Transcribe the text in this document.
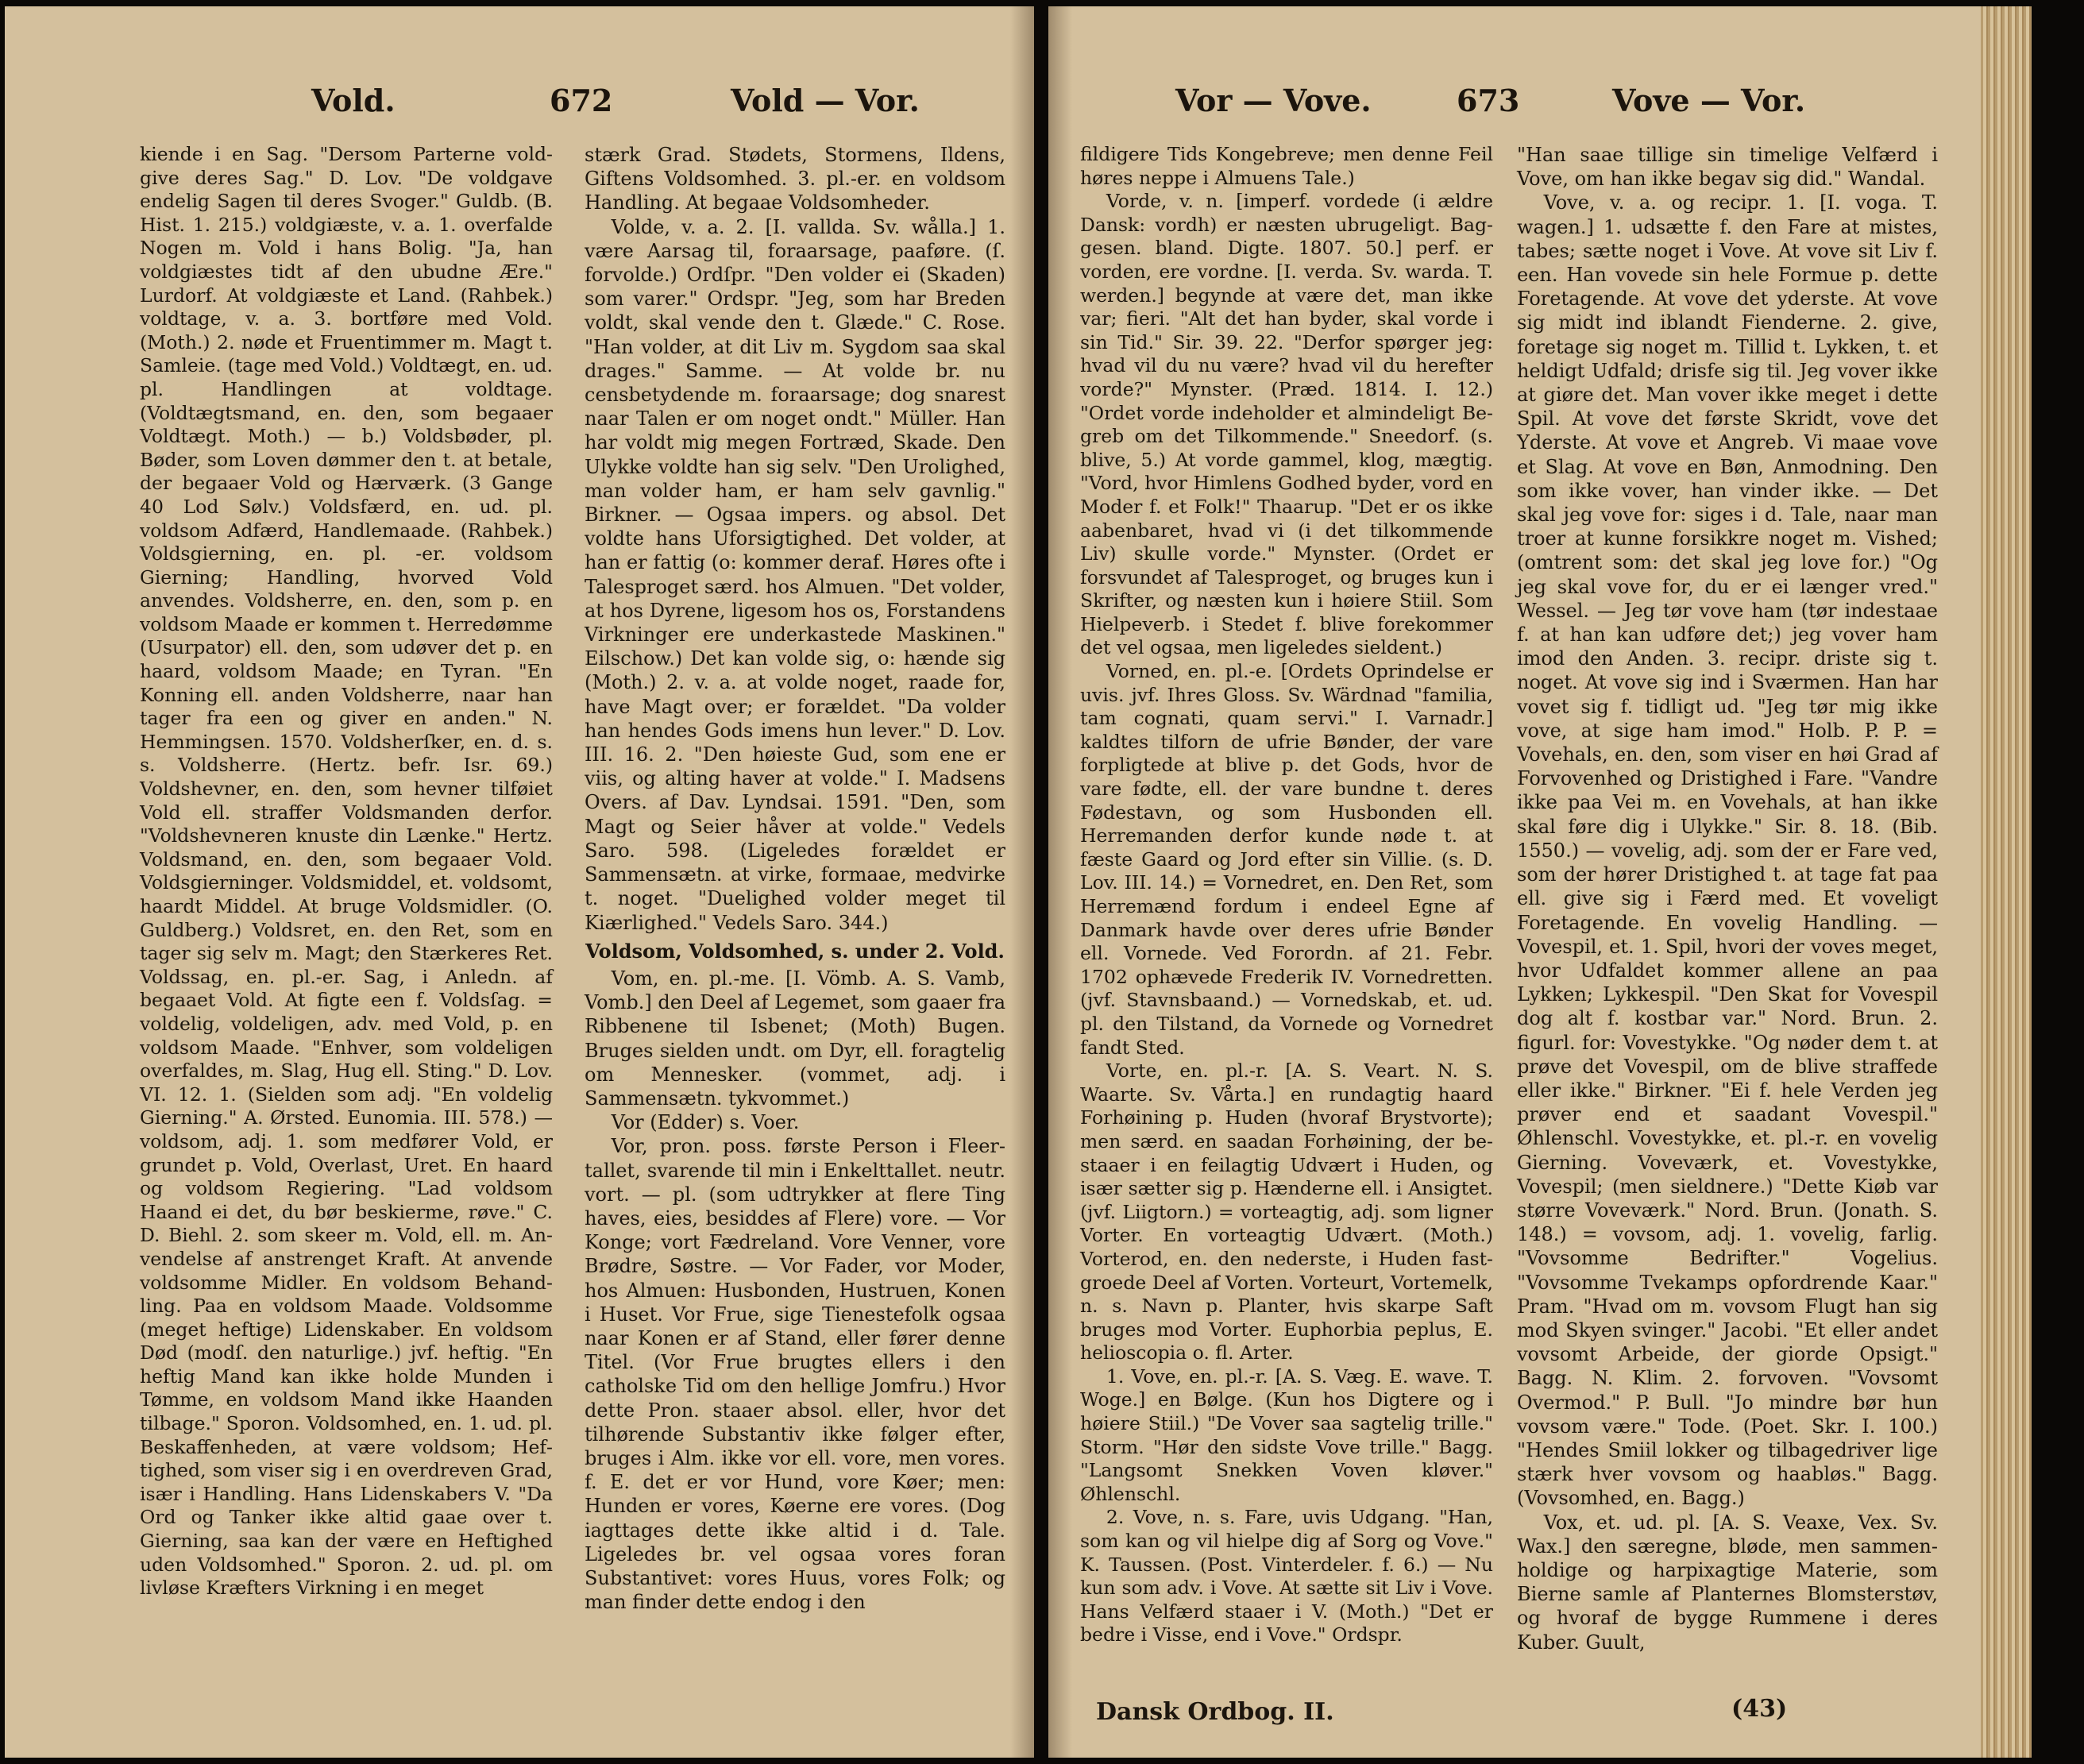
Vold.	672	Vold — Vor.

kiende i en Sag. "Dersom Parterne voldgive deres Sag." D. Lov. "De voldgave endelig Sagen til deres Svoger." Guldb. (B. Hist. 1. 215.) voldgiæste, v. a. 1. overfalde Nogen m. Vold i hans Bolig. "Ja, han voldgiæstes tidt af den ubudne Ære." Lurdorf. At voldgiæste et Land. (Rahbek.) voldtage, v. a. 3. bortføre med Vold. (Moth.) 2. nøde et Fruentimmer m. Magt t. Samleie. (tage med Vold.) Voldtægt, en. ud. pl. Handlingen at voldtage. (Voldtægtsmand, en. den, som begaaer Voldtægt. Moth.) — b.) Voldsbøder, pl. Bøder, som Loven dømmer den t. at betale, der begaaer Vold og Hærværk. (3 Gange 40 Lod Sølv.) Voldsfærd, en. ud. pl. voldsom Adfærd, Handlemaade. (Rahbek.) Voldsgierning, en. pl. -er. voldsom Gierning; Handling, hvorved Vold anvendes. Voldsherre, en. den, som p. en voldsom Maade er kommen t. Herredømme (Usurpator) ell. den, som udøver det p. en haard, voldsom Maade; en Tyran. "En Konning ell. anden Voldsherre, naar han tager fra een og giver en anden." N. Hemmingsen. 1570. Voldsherſker, en. d. s. s. Voldsherre. (Hertz. befr. Isr. 69.) Voldshevner, en. den, som hevner tilføiet Vold ell. straffer Voldsmanden derfor. "Voldshevneren knuste din Lænke." Hertz. Voldsmand, en. den, som begaaer Vold. Voldsgierninger. Voldsmiddel, et. voldsomt, haardt Middel. At bruge Voldsmidler. (O. Guldberg.) Voldsret, en. den Ret, som en tager sig selv m. Magt; den Stærkeres Ret. Voldssag, en. pl.-er. Sag, i Anledn. af begaaet Vold. At figte een f. Voldsſag. = voldelig, voldeligen, adv. med Vold, p. en voldsom Maade. "Enhver, som voldeligen overfaldes, m. Slag, Hug ell. Sting." D. Lov. VI. 12. 1. (Sielden som adj. "En voldelig Gierning." A. Ørsted. Eunomia. III. 578.) — voldsom, adj. 1. som medfører Vold, er grundet p. Vold, Overlast, Uret. En haard og voldsom Regiering. "Lad voldsom Haand ei det, du bør beskierme, røve." C. D. Biehl. 2. som skeer m. Vold, ell. m. Anvendelse af anstrenget Kraft. At anvende voldsomme Midler. En voldsom Behandling. Paa en voldsom Maade. Voldsomme (meget heftige) Lidenskaber. En voldsom Død (modſ. den naturlige.) jvf. heftig. "En heftig Mand kan ikke holde Munden i Tømme, en voldsom Mand ikke Haanden tilbage." Sporon. Voldsomhed, en. 1. ud. pl. Beskaffenheden, at være voldsom; Heftighed, som viser sig i en overdreven Grad, især i Handling. Hans Lidenskabers V. "Da Ord og Tanker ikke altid gaae over t. Gierning, saa kan der være en Heftighed uden Voldsomhed." Sporon. 2. ud. pl. om livløse Kræfters Virkning i en meget

stærk Grad. Stødets, Stormens, Ildens, Giftens Voldsomhed. 3. pl.-er. en voldsom Handling. At begaae Voldsomheder.

Volde, v. a. 2. [I. vallda. Sv. wålla.] 1. være Aarsag til, foraarsage, paaføre. (ſ. forvolde.) Ordſpr. "Den volder ei (Skaden) som varer." Ordspr. "Jeg, som har Breden voldt, skal vende den t. Glæde." C. Rose. "Han volder, at dit Liv m. Sygdom saa skal drages." Samme. — At volde br. nu censbetydende m. foraarsage; dog snarest naar Talen er om noget ondt." Müller. Han har voldt mig megen Fortræd, Skade. Den Ulykke voldte han sig selv. "Den Urolighed, man volder ham, er ham selv gavnlig." Birkner. — Ogsaa impers. og absol. Det voldte hans Uforsigtighed. Det volder, at han er fattig (o: kommer deraf. Høres ofte i Talesproget særd. hos Almuen. "Det volder, at hos Dyrene, ligesom hos os, Forstandens Virkninger ere underkastede Maskinen." Eilschow.) Det kan volde sig, o: hænde sig (Moth.) 2. v. a. at volde noget, raade for, have Magt over; er forældet. "Da volder han hendes Gods imens hun lever." D. Lov. III. 16. 2. "Den høieste Gud, som ene er viis, og alting haver at volde." I. Madsens Overs. af Dav. Lyndsai. 1591. "Den, som Magt og Seier håver at volde." Vedels Saro. 598. (Ligeledes forældet er Sammensætn. at virke, formaae, medvirke t. noget. "Duelighed volder meget til Kiærlighed." Vedels Saro. 344.)

Voldsom, Voldsomhed, s. under 2. Vold.

Vom, en. pl.-me. [I. Vömb. A. S. Vamb, Vomb.] den Deel af Legemet, som gaaer fra Ribbenene til Isbenet; (Moth) Bugen. Bruges sielden undt. om Dyr, ell. foragtelig om Mennesker. (vommet, adj. i Sammensætn. tykvommet.)

Vor (Edder) s. Voer.

Vor, pron. poss. første Person i Fleertallet, svarende til min i Enkelttallet. neutr. vort. — pl. (som udtrykker at flere Ting haves, eies, besiddes af Flere) vore. — Vor Konge; vort Fædreland. Vore Venner, vore Brødre, Søstre. — Vor Fader, vor Moder, hos Almuen: Husbonden, Hustruen, Konen i Huset. Vor Frue, sige Tienestefolk ogsaa naar Konen er af Stand, eller fører denne Titel. (Vor Frue brugtes ellers i den catholske Tid om den hellige Jomfru.) Hvor dette Pron. staaer absol. eller, hvor det tilhørende Substantiv ikke følger efter, bruges i Alm. ikke vor ell. vore, men vores. f. E. det er vor Hund, vore Køer; men: Hunden er vores, Køerne ere vores. (Dog iagttages dette ikke altid i d. Tale. Ligeledes br. vel ogsaa vores foran Substantivet: vores Huus, vores Folk; og man finder dette endog i den

Vor — Vove.	673	Vove — Vor.

fildigere Tids Kongebreve; men denne Feil høres neppe i Almuens Tale.)

Vorde, v. n. [imperf. vordede (i ældre Dansk: vordh) er næsten ubrugeligt. Baggesen. bland. Digte. 1807. 50.] perf. er vorden, ere vordne. [I. verda. Sv. warda. T. werden.] begynde at være det, man ikke var; fieri. "Alt det han byder, skal vorde i sin Tid." Sir. 39. 22. "Derfor spørger jeg: hvad vil du nu være? hvad vil du herefter vorde?" Mynster. (Præd. 1814. I. 12.) "Ordet vorde indeholder et almindeligt Begreb om det Tilkommende." Sneedorf. (s. blive, 5.) At vorde gammel, klog, mægtig. "Vord, hvor Himlens Godhed byder, vord en Moder f. et Folk!" Thaarup. "Det er os ikke aabenbaret, hvad vi (i det tilkommende Liv) skulle vorde." Mynster. (Ordet er forsvundet af Talesproget, og bruges kun i Skrifter, og næsten kun i høiere Stiil. Som Hielpeverb. i Stedet f. blive forekommer det vel ogsaa, men ligeledes sieldent.)

Vorned, en. pl.-e. [Ordets Oprindelse er uvis. jvf. Ihres Gloss. Sv. Wärdnad "familia, tam cognati, quam servi." I. Varnadr.] kaldtes tilforn de ufrie Bønder, der vare forpligtede at blive p. det Gods, hvor de vare fødte, ell. der vare bundne t. deres Fødestavn, og som Husbonden ell. Herremanden derfor kunde nøde t. at fæste Gaard og Jord efter sin Villie. (s. D. Lov. III. 14.) = Vornedret, en. Den Ret, som Herremænd fordum i endeel Egne af Danmark havde over deres ufrie Bønder ell. Vornede. Ved Forordn. af 21. Febr. 1702 ophævede Frederik IV. Vornedretten. (jvf. Stavnsbaand.) — Vornedskab, et. ud. pl. den Tilstand, da Vornede og Vornedret fandt Sted.

Vorte, en. pl.-r. [A. S. Veart. N. S. Waarte. Sv. Vårta.] en rundagtig haard Forhøining p. Huden (hvoraf Brystvorte); men særd. en saadan Forhøining, der bestaaer i en feilagtig Udvært i Huden, og især sætter sig p. Hænderne ell. i Ansigtet. (jvf. Liigtorn.) = vorteagtig, adj. som ligner Vorter. En vorteagtig Udvært. (Moth.) Vorterod, en. den nederste, i Huden fastgroede Deel af Vorten. Vorteurt, Vortemelk, n. s. Navn p. Planter, hvis skarpe Saft bruges mod Vorter. Euphorbia peplus, E. helioscopia o. fl. Arter.

1. Vove, en. pl.-r. [A. S. Væg. E. wave. T. Woge.] en Bølge. (Kun hos Digtere og i høiere Stiil.) "De Vover saa sagtelig trille." Storm. "Hør den sidste Vove trille." Bagg. "Langsomt Snekken Voven kløver." Øhlenschl.

2. Vove, n. s. Fare, uvis Udgang. "Han, som kan og vil hielpe dig af Sorg og Vove." K. Taussen. (Post. Vinterdeler. f. 6.) — Nu kun som adv. i Vove. At sætte sit Liv i Vove. Hans Velfærd staaer i V. (Moth.) "Det er bedre i Visse, end i Vove." Ordspr.

"Han saae tillige sin timelige Velfærd i Vove, om han ikke begav sig did." Wandal.

Vove, v. a. og recipr. 1. [I. voga. T. wagen.] 1. udsætte f. den Fare at mistes, tabes; sætte noget i Vove. At vove sit Liv f. een. Han vovede sin hele Formue p. dette Foretagende. At vove det yderste. At vove sig midt ind iblandt Fienderne. 2. give, foretage sig noget m. Tillid t. Lykken, t. et heldigt Udfald; drisfe sig til. Jeg vover ikke at giøre det. Man vover ikke meget i dette Spil. At vove det første Skridt, vove det Yderste. At vove et Angreb. Vi maae vove et Slag. At vove en Bøn, Anmodning. Den som ikke vover, han vinder ikke. — Det skal jeg vove for: siges i d. Tale, naar man troer at kunne forsikkre noget m. Vished; (omtrent som: det skal jeg love for.) "Og jeg skal vove for, du er ei længer vred." Wessel. — Jeg tør vove ham (tør indestaae f. at han kan udføre det;) jeg vover ham imod den Anden. 3. recipr. driste sig t. noget. At vove sig ind i Sværmen. Han har vovet sig f. tidligt ud. "Jeg tør mig ikke vove, at sige ham imod." Holb. P. P. = Vovehals, en. den, som viser en høi Grad af Forvovenhed og Dristighed i Fare. "Vandre ikke paa Vei m. en Vovehals, at han ikke skal føre dig i Ulykke." Sir. 8. 18. (Bib. 1550.) — vovelig, adj. som der er Fare ved, som der hører Dristighed t. at tage fat paa ell. give sig i Færd med. Et voveligt Foretagende. En vovelig Handling. — Vovespil, et. 1. Spil, hvori der voves meget, hvor Udfaldet kommer allene an paa Lykken; Lykkespil. "Den Skat for Vovespil dog alt f. kostbar var." Nord. Brun. 2. figurl. for: Vovestykke. "Og nøder dem t. at prøve det Vovespil, om de blive straffede eller ikke." Birkner. "Ei f. hele Verden jeg prøver end et saadant Vovespil." Øhlenschl. Vovestykke, et. pl.-r. en vovelig Gierning. Voveværk, et. Vovestykke, Vovespil; (men sieldnere.) "Dette Kiøb var større Voveværk." Nord. Brun. (Jonath. S. 148.) = vovsom, adj. 1. vovelig, farlig. "Vovsomme Bedrifter." Vogelius. "Vovsomme Tvekamps opfordrende Kaar." Pram. "Hvad om m. vovsom Flugt han sig mod Skyen svinger." Jacobi. "Et eller andet vovsomt Arbeide, der giorde Opsigt." Bagg. N. Klim. 2. forvoven. "Vovsomt Overmod." P. Bull. "Jo mindre bør hun vovsom være." Tode. (Poet. Skr. I. 100.) "Hendes Smiil lokker og tilbagedriver lige stærk hver vovsom og haabløs." Bagg. (Vovsomhed, en. Bagg.)

Vox, et. ud. pl. [A. S. Veaxe, Vex. Sv. Wax.] den særegne, bløde, men sammenholdige og harpixagtige Materie, som Bierne samle af Planternes Blomsterstøv, og hvoraf de bygge Rummene i deres Kuber. Guult,

Dansk Ordbog. II.	(43)
